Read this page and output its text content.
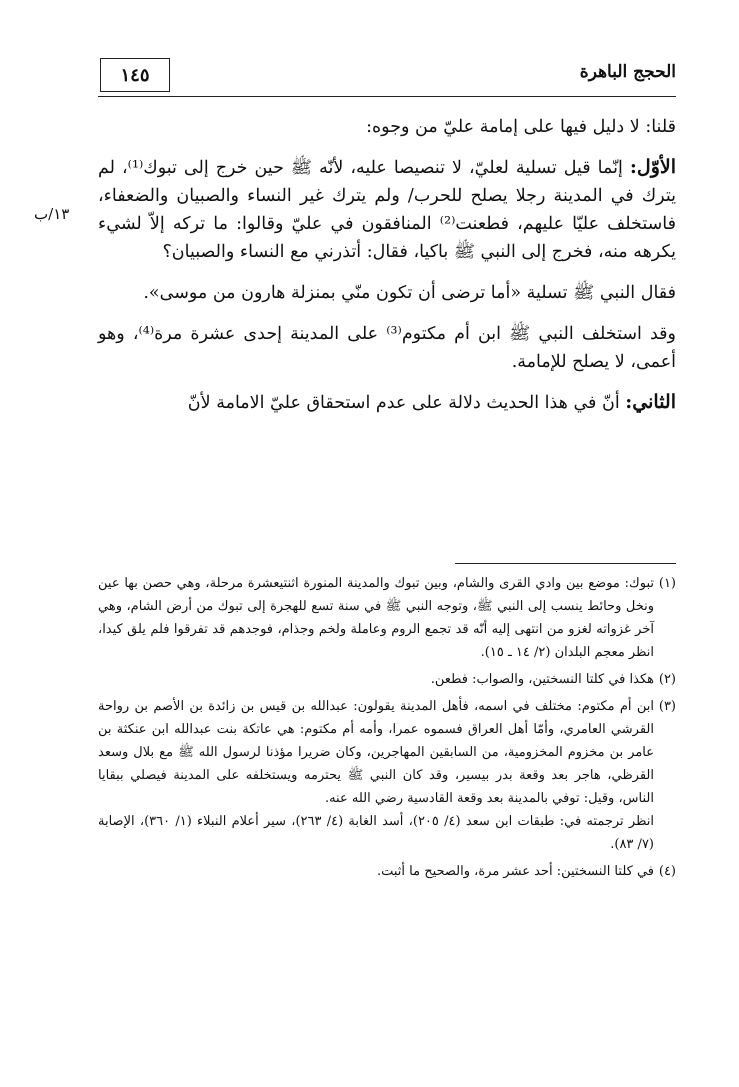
١٤٥	الحجج الباهرة
١٣/ب

قلنا: لا دليل فيها على إمامة عليّ من وجوه:

الأوّل: إنّما قيل تسلية لعليّ، لا تنصيصا عليه، لأنّه ﷺ حين خرج إلى تبوك⁽¹⁾، لم يترك في المدينة رجلا يصلح للحرب/ ولم يترك غير النساء والصبيان والضعفاء، فاستخلف عليّا عليهم، فطعنت⁽²⁾ المنافقون في عليّ وقالوا: ما تركه إلاّ لشيء يكرهه منه، فخرج إلى النبي ﷺ باكيا، فقال: أتذرني مع النساء والصبيان؟

فقال النبي ﷺ تسلية «أما ترضى أن تكون منّي بمنزلة هارون من موسى».

وقد استخلف النبي ﷺ ابن أم مكتوم⁽³⁾ على المدينة إحدى عشرة مرة⁽⁴⁾، وهو أعمى، لا يصلح للإمامة.

الثاني: أنّ في هذا الحديث دلالة على عدم استحقاق عليّ الامامة لأنّ

(١)

تبوك: موضع بين وادي القرى والشام، وبين تبوك والمدينة المنورة اثنتيعشرة مرحلة، وهي حصن بها عين ونخل وحائط ينسب إلى النبي ﷺ، وتوجه النبي ﷺ في سنة تسع للهجرة إلى تبوك من أرض الشام، وهي آخر غزواته لغزو من انتهى إليه أنّه قد تجمع الروم وعاملة ولخم وجذام، فوجدهم قد تفرقوا فلم يلق كيدا، انظر معجم البلدان (٢/ ١٤ ـ ١٥).

(٢)

هكذا في كلتا النسختين، والصواب: فطعن.

(٣)

ابن أم مكتوم: مختلف في اسمه، فأهل المدينة يقولون: عبدالله بن قيس بن زائدة بن الأصم بن رواحة القرشي العامري، وأمّا أهل العراق فسموه عمرا، وأمه أم مكتوم: هي عاتكة بنت عبدالله ابن عنكثة بن عامر بن مخزوم المخزومية، من السابقين المهاجرين، وكان ضريرا مؤذنا لرسول الله ﷺ مع بلال وسعد القرظي، هاجر بعد وقعة بدر بيسير، وقد كان النبي ﷺ يحترمه ويستخلفه على المدينة فيصلي ببقايا الناس، وقيل: توفي بالمدينة بعد وقعة القادسية رضي الله عنه.

انظر ترجمته في: طبقات ابن سعد (٤/ ٢٠٥)، أسد الغابة (٤/ ٢٦٣)، سير أعلام النبلاء (١/ ٣٦٠)، الإصابة (٧/ ٨٣).

(٤)

في كلتا النسختين: أحد عشر مرة، والصحيح ما أثبت.
